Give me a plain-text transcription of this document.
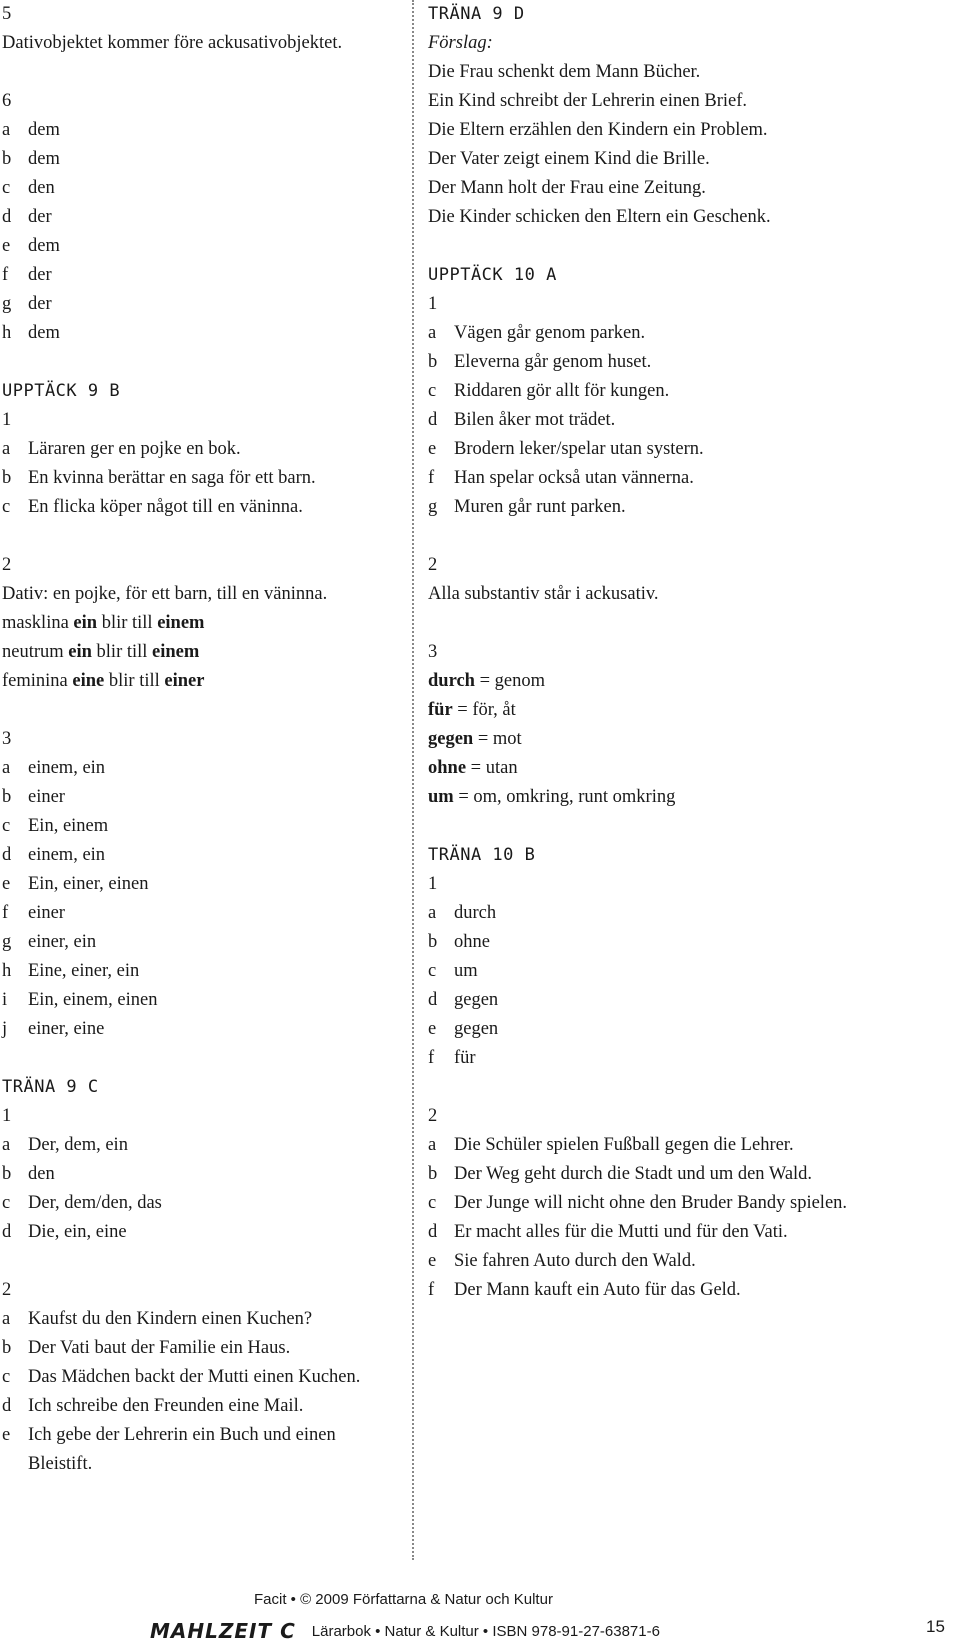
5
Dativobjektet kommer före ackusativobjektet.
6
a dem
b dem
c den
d der
e dem
f	der
g der
h dem
UPPTÄCK 9 B
1
a Läraren ger en pojke en bok.
b En kvinna berättar en saga för ett barn.
c En flicka köper något till en väninna.
2
Dativ: en pojke, för ett barn, till en väninna.
masklina ein blir till einem
neutrum ein blir till einem
feminina eine blir till einer
3
a einem, ein
b einer
c Ein, einem
d einem, ein
e Ein, einer, einen
f	einer
g einer, ein
h Eine, einer, ein
i	Ein, einem, einen
j	einer, eine
TRÄNA 9 C
1
a Der, dem, ein
b den
c Der, dem/den, das
d Die, ein, eine
2
a Kaufst du den Kindern einen Kuchen?
b Der Vati baut der Familie ein Haus.
c Das Mädchen backt der Mutti einen Kuchen.
d Ich schreibe den Freunden eine Mail.
e Ich gebe der Lehrerin ein Buch und einen Bleistift.
TRÄNA 9 D
Förslag:
Die Frau schenkt dem Mann Bücher.
Ein Kind schreibt der Lehrerin einen Brief.
Die Eltern erzählen den Kindern ein Problem.
Der Vater zeigt einem Kind die Brille.
Der Mann holt der Frau eine Zeitung.
Die Kinder schicken den Eltern ein Geschenk.
UPPTÄCK 10 A
1
a Vägen går genom parken.
b Eleverna går genom huset.
c Riddaren gör allt för kungen.
d Bilen åker mot trädet.
e Brodern leker/spelar utan systern.
f	Han spelar också utan vännerna.
g Muren går runt parken.
2
Alla substantiv står i ackusativ.
3
durch = genom
für = för, åt
gegen = mot
ohne = utan
um = om, omkring, runt omkring
TRÄNA 10 B
1
a durch
b ohne
c um
d gegen
e gegen
f	für
2
a Die Schüler spielen Fußball gegen die Lehrer.
b Der Weg geht durch die Stadt und um den Wald.
c Der Junge will nicht ohne den Bruder Bandy spielen.
d Er macht alles für die Mutti und für den Vati.
e Sie fahren Auto durch den Wald.
f	Der Mann kauft ein Auto für das Geld.
Facit • © 2009 Författarna & Natur och Kultur
MAHLZEIT C Lärarbok • Natur & Kultur • ISBN 978-91-27-63871-6	15
